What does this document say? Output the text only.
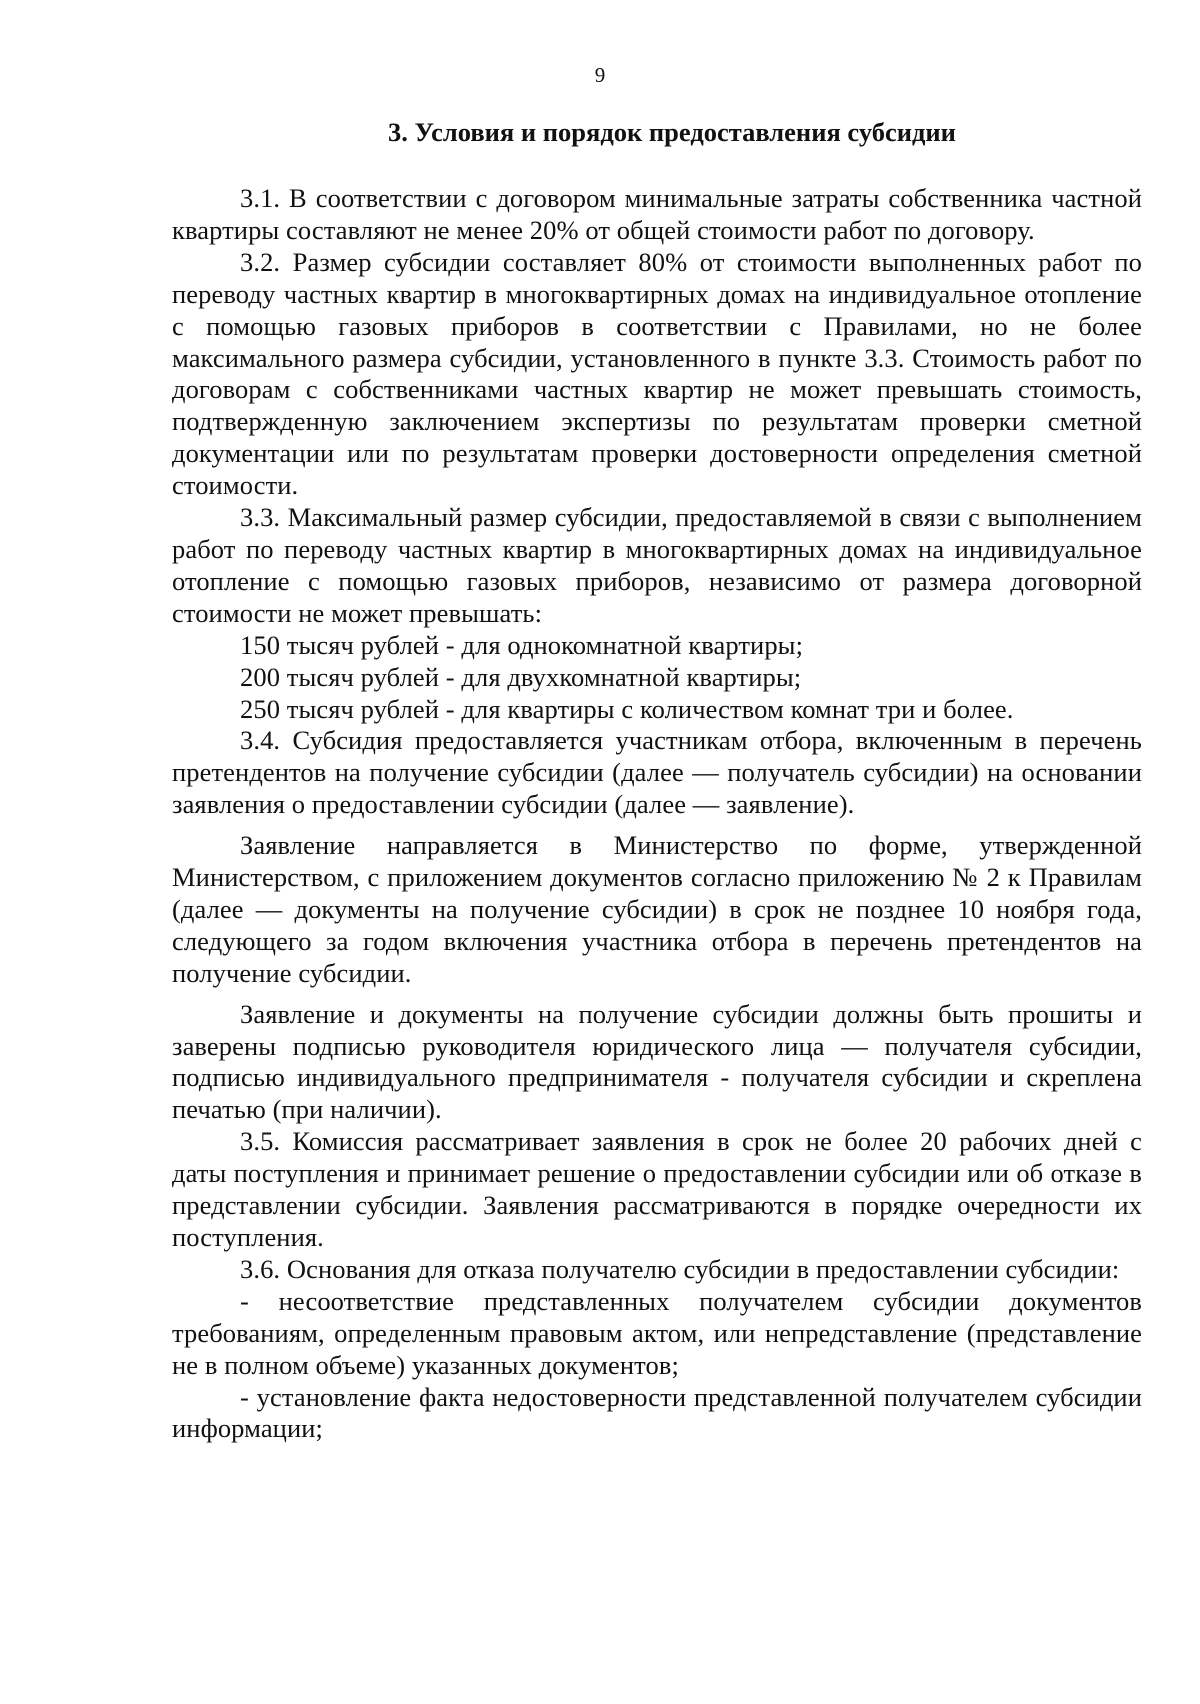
9
3. Условия и порядок предоставления субсидии

3.1. В соответствии с договором минимальные затраты собственника частной квартиры составляют не менее 20% от общей стоимости работ по договору.

3.2. Размер субсидии составляет 80% от стоимости выполненных работ по переводу частных квартир в многоквартирных домах на индивидуальное отопление с помощью газовых приборов в соответствии с Правилами, но не более максимального размера субсидии, установленного в пункте 3.3. Стоимость работ по договорам с собственниками частных квартир не может превышать стоимость, подтвержденную заключением экспертизы по результатам проверки сметной документации или по результатам проверки достоверности определения сметной стоимости.

3.3. Максимальный размер субсидии, предоставляемой в связи с выполнением работ по переводу частных квартир в многоквартирных домах на индивидуальное отопление с помощью газовых приборов, независимо от размера договорной стоимости не может превышать:

150 тысяч рублей - для однокомнатной квартиры;

200 тысяч рублей - для двухкомнатной квартиры;

250 тысяч рублей - для квартиры с количеством комнат три и более.

3.4. Субсидия предоставляется участникам отбора, включенным в перечень претендентов на получение субсидии (далее — получатель субсидии) на основании заявления о предоставлении субсидии (далее — заявление).

Заявление направляется в Министерство по форме, утвержденной Министерством, с приложением документов согласно приложению № 2 к Правилам (далее — документы на получение субсидии) в срок не позднее 10 ноября года, следующего за годом включения участника отбора в перечень претендентов на получение субсидии.

Заявление и документы на получение субсидии должны быть прошиты и заверены подписью руководителя юридического лица — получателя субсидии, подписью индивидуального предпринимателя - получателя субсидии и скреплена печатью (при наличии).

3.5. Комиссия рассматривает заявления в срок не более 20 рабочих дней с даты поступления и принимает решение о предоставлении субсидии или об отказе в представлении субсидии. Заявления рассматриваются в порядке очередности их поступления.

3.6. Основания для отказа получателю субсидии в предоставлении субсидии:

- несоответствие представленных получателем субсидии документов требованиям, определенным правовым актом, или непредставление (представление не в полном объеме) указанных документов;

- установление факта недостоверности представленной получателем субсидии информации;
